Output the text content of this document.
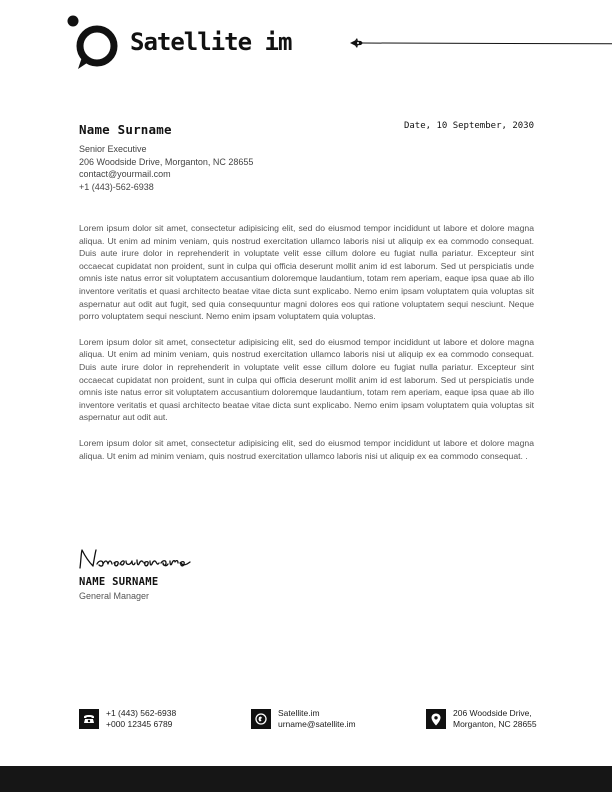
Satellite im
Name Surname	Date, 10 September, 2030
Senior Executive
206 Woodside Drive, Morganton, NC 28655
contact@yourmail.com
+1 (443)-562-6938

Lorem ipsum dolor sit amet, consectetur adipisicing elit, sed do eiusmod tempor incididunt ut labore et dolore magna aliqua. Ut enim ad minim veniam, quis nostrud exercitation ullamco laboris nisi ut aliquip ex ea commodo consequat. Duis aute irure dolor in reprehenderit in voluptate velit esse cillum dolore eu fugiat nulla pariatur. Excepteur sint occaecat cupidatat non proident, sunt in culpa qui officia deserunt mollit anim id est laborum. Sed ut perspiciatis unde omnis iste natus error sit voluptatem accusantium doloremque laudantium, totam rem aperiam, eaque ipsa quae ab illo inventore veritatis et quasi architecto beatae vitae dicta sunt explicabo. Nemo enim ipsam voluptatem quia voluptas sit aspernatur aut odit aut fugit, sed quia consequuntur magni dolores eos qui ratione voluptatem sequi nesciunt. Neque porro voluptatem sequi nesciunt. Nemo enim ipsam voluptatem quia voluptas.

Lorem ipsum dolor sit amet, consectetur adipisicing elit, sed do eiusmod tempor incididunt ut labore et dolore magna aliqua. Ut enim ad minim veniam, quis nostrud exercitation ullamco laboris nisi ut aliquip ex ea commodo consequat. Duis aute irure dolor in reprehenderit in voluptate velit esse cillum dolore eu fugiat nulla pariatur. Excepteur sint occaecat cupidatat non proident, sunt in culpa qui officia deserunt mollit anim id est laborum. Sed ut perspiciatis unde omnis iste natus error sit voluptatem accusantium doloremque laudantium, totam rem aperiam, eaque ipsa quae ab illo inventore veritatis et quasi architecto beatae vitae dicta sunt explicabo. Nemo enim ipsam voluptatem quia voluptas sit aspernatur aut odit aut.

Lorem ipsum dolor sit amet, consectetur adipisicing elit, sed do eiusmod tempor incididunt ut labore et dolore magna aliqua. Ut enim ad minim veniam, quis nostrud exercitation ullamco laboris nisi ut aliquip ex ea commodo consequat. .

NAME SURNAME
General Manager
+1 (443) 562-6938
+000 12345 6789
Satellite.im
urname@satellite.im
206 Woodside Drive,
Morganton, NC 28655
